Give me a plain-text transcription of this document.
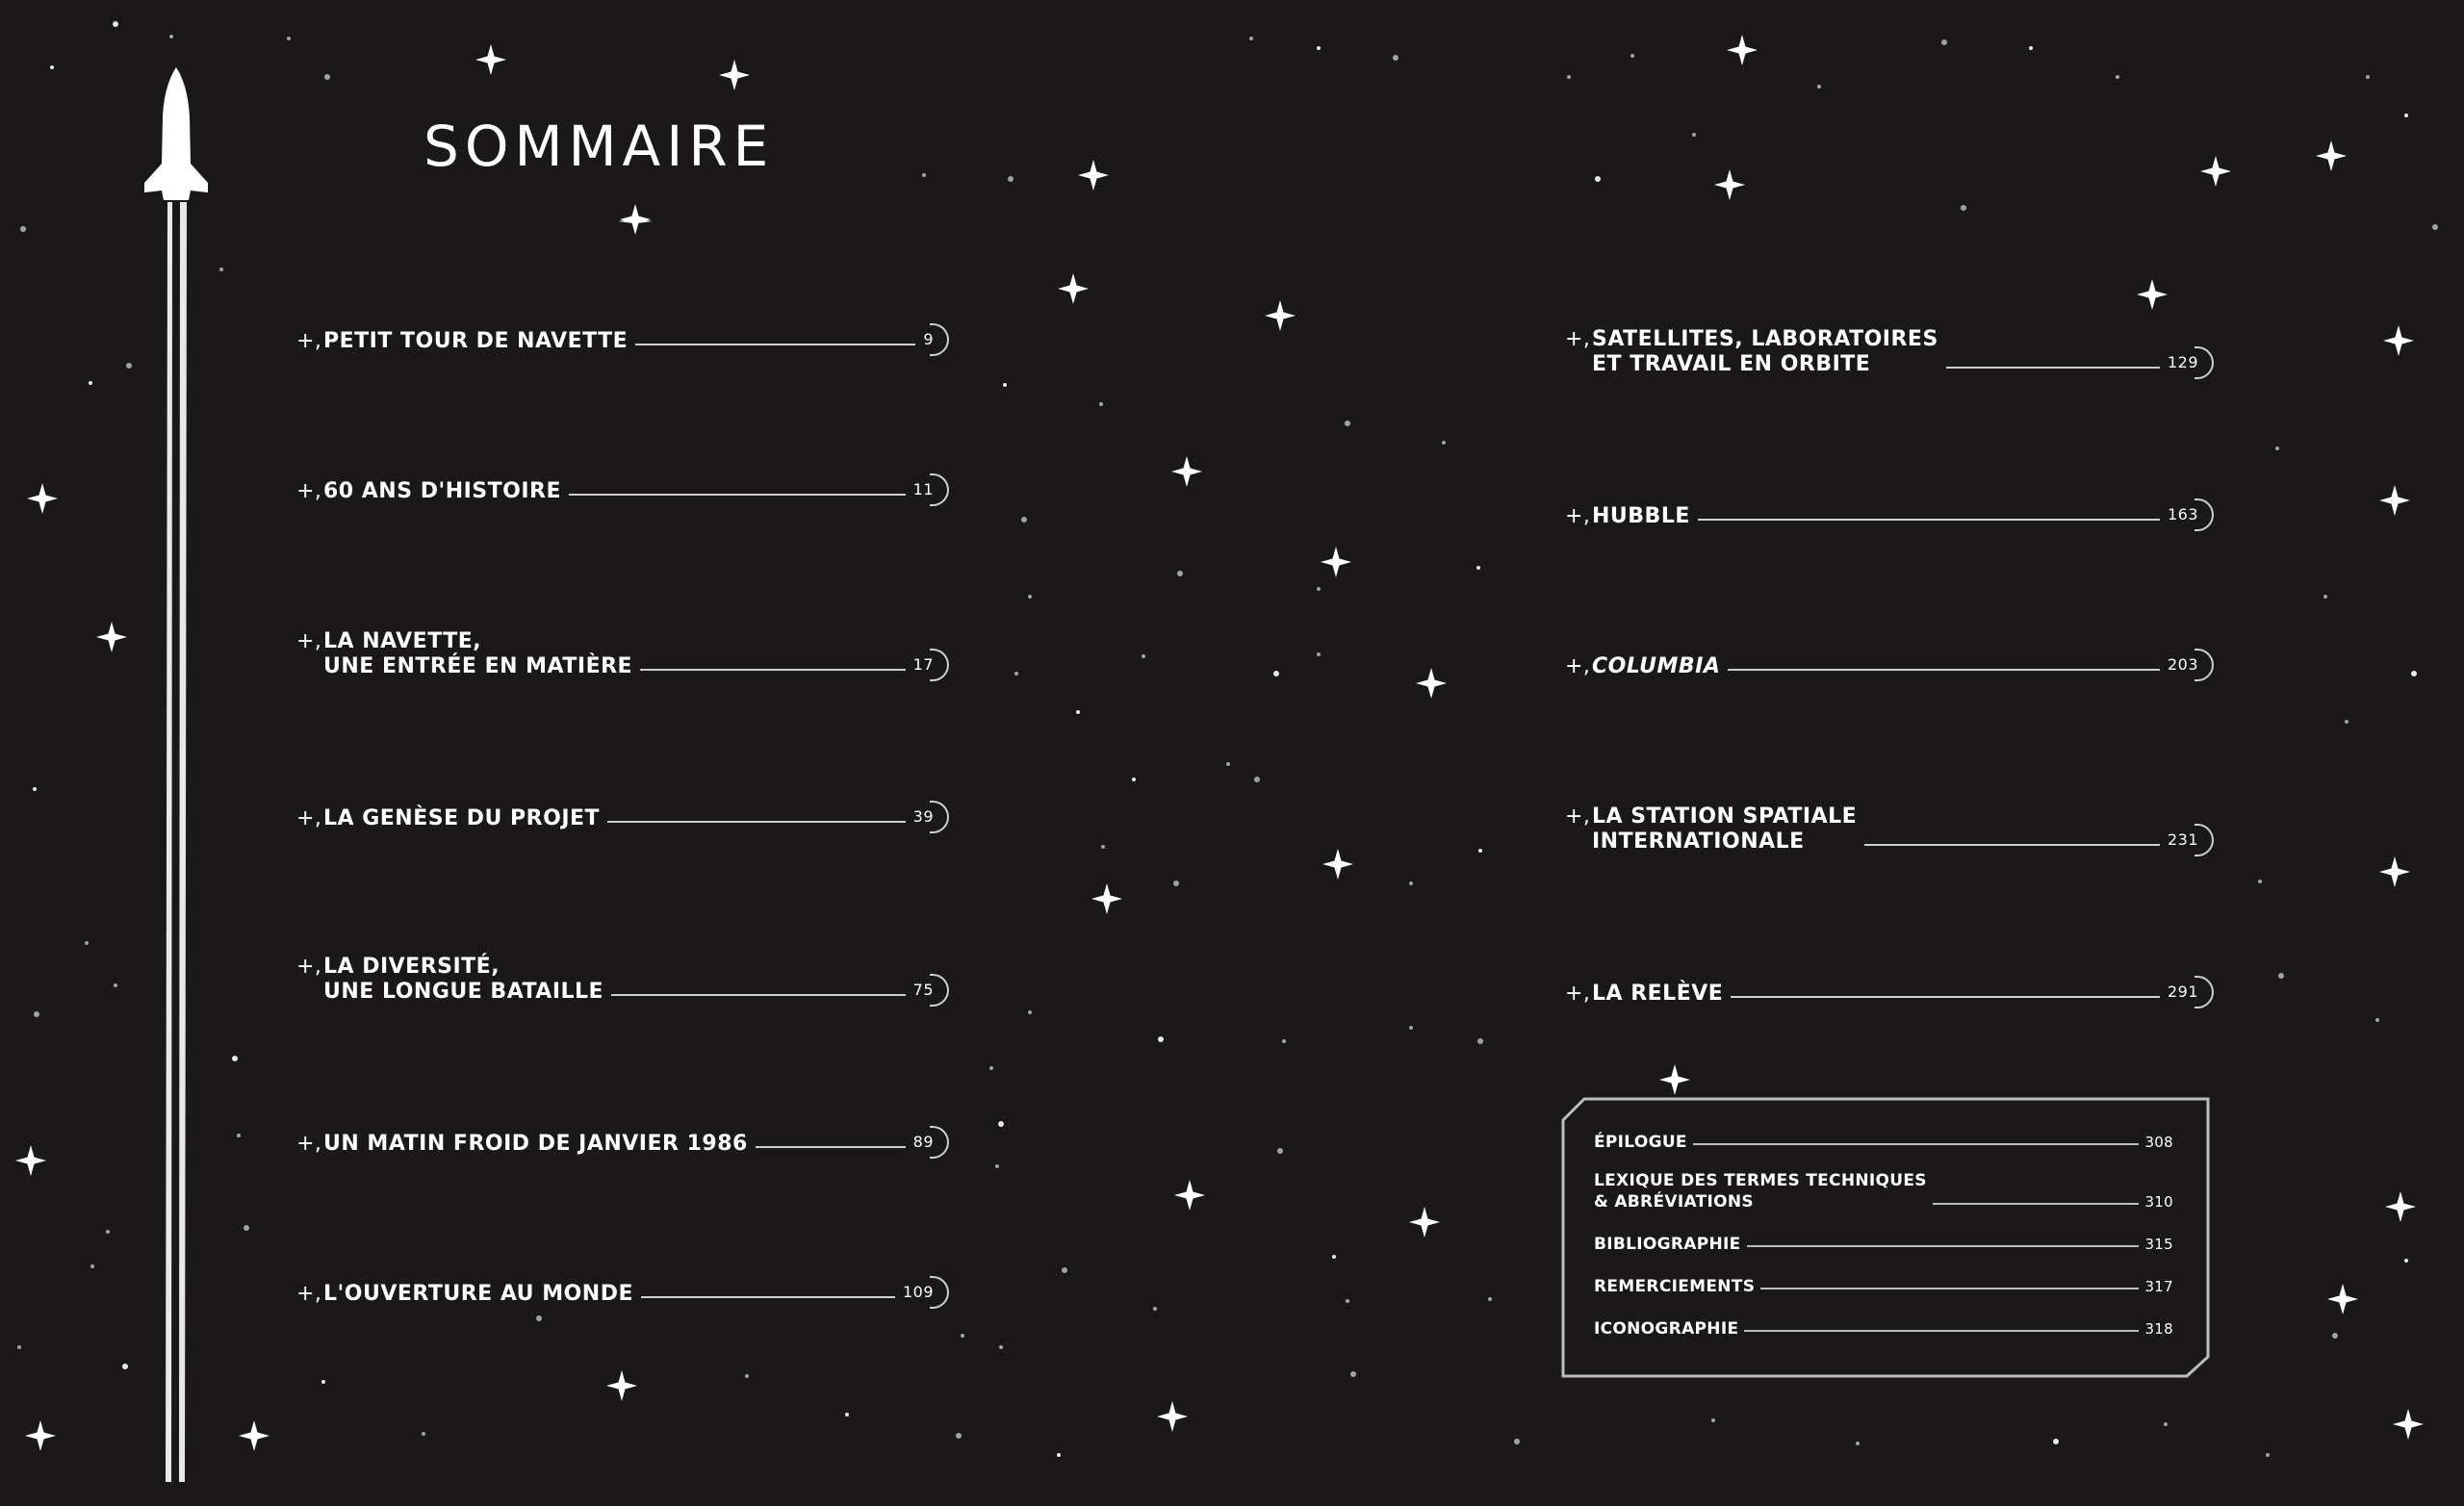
SOMMAIRE
+, PETIT TOUR DE NAVETTE	9
+, 60 ANS D'HISTOIRE	11
+, LA NAVETTE,
UNE ENTRÉE EN MATIÈRE	17
+, LA GENÈSE DU PROJET	39
+, LA DIVERSITÉ,
UNE LONGUE BATAILLE	75
+, UN MATIN FROID DE JANVIER 1986	89
+, L'OUVERTURE AU MONDE	109
+, SATELLITES, LABORATOIRES
ET TRAVAIL EN ORBITE	129
+, HUBBLE	163
+, COLUMBIA	203
+, LA STATION SPATIALE
INTERNATIONALE	231
+, LA RELÈVE	291
ÉPILOGUE	308
LEXIQUE DES TERMES TECHNIQUES
& ABRÉVIATIONS	310
BIBLIOGRAPHIE	315
REMERCIEMENTS	317
ICONOGRAPHIE	318
